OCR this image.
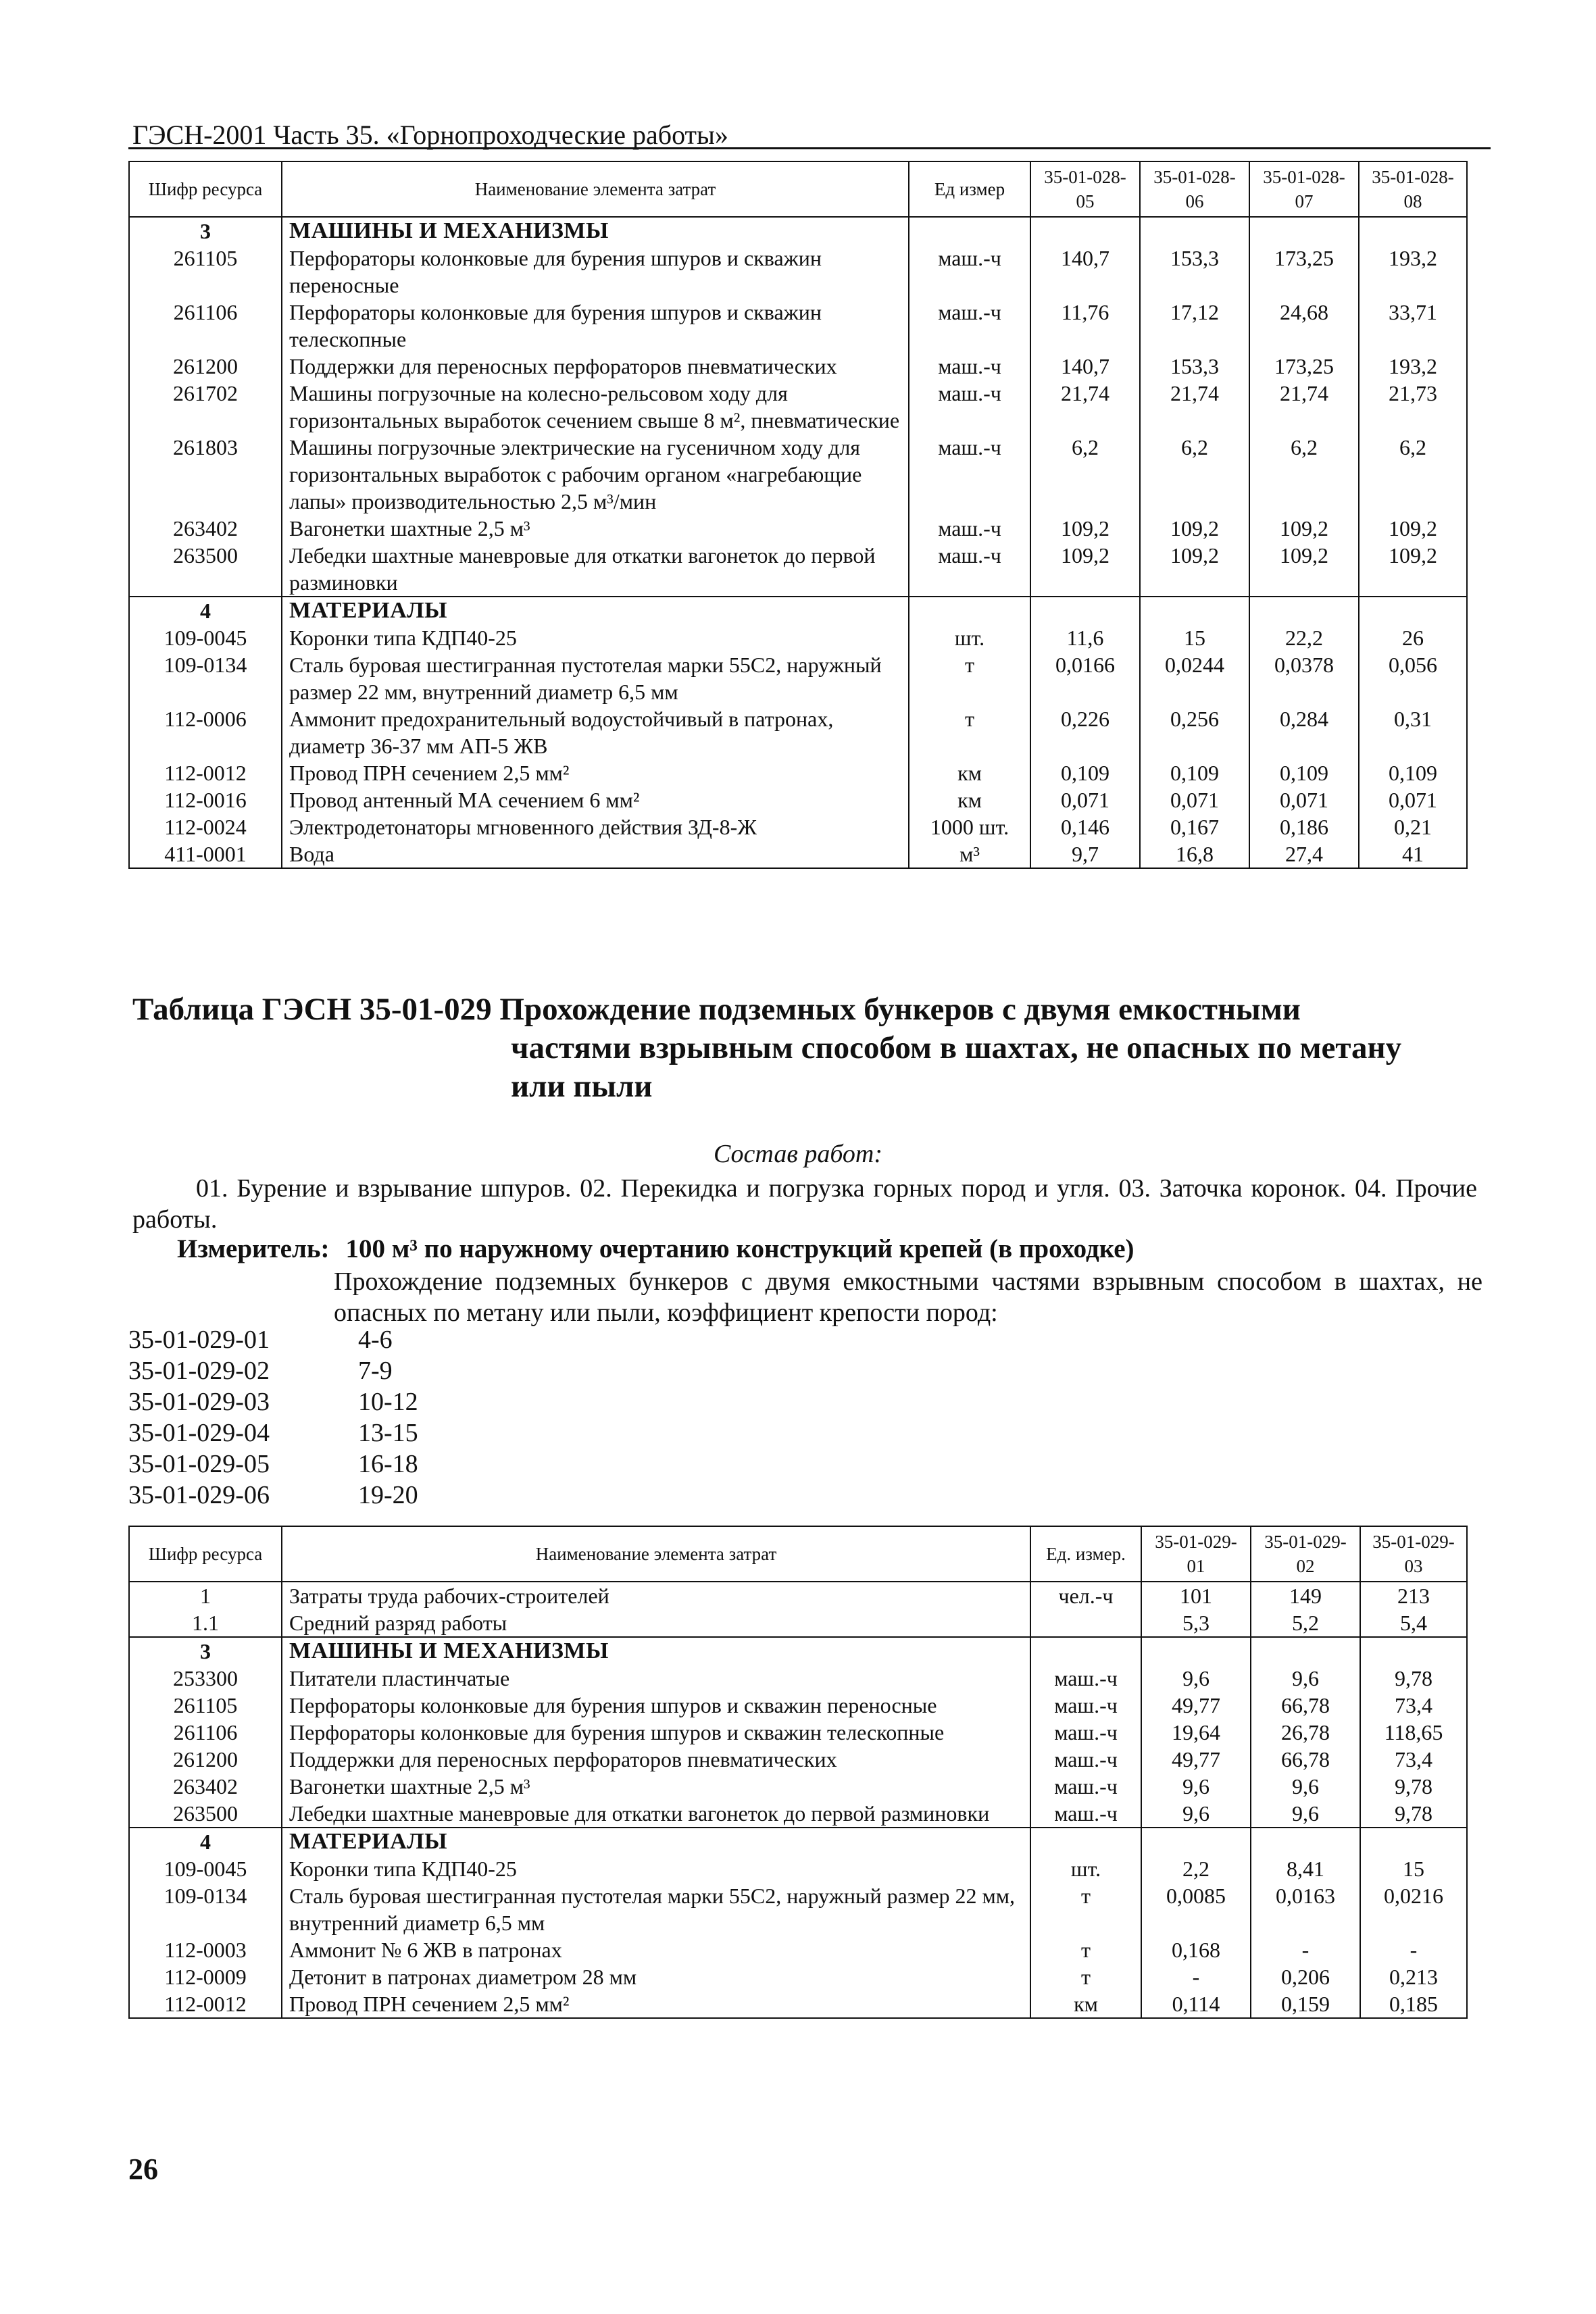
ГЭСН-2001 Часть 35. «Горнопроходческие работы»
Шифр ресурса	Наименование элемента затрат	Ед измер	35-01-028-05	35-01-028-06	35-01-028-07	35-01-028-08
3	МАШИНЫ И МЕХАНИЗМЫ					
261105	Перфораторы колонковые для бурения шпуров и скважин переносные	маш.-ч	140,7	153,3	173,25	193,2
261106	Перфораторы колонковые для бурения шпуров и скважин телескопные	маш.-ч	11,76	17,12	24,68	33,71
261200	Поддержки для переносных перфораторов пневматических	маш.-ч	140,7	153,3	173,25	193,2
261702	Машины погрузочные на колесно-рельсовом ходу для горизонтальных выработок сечением свыше 8 м², пневматические	маш.-ч	21,74	21,74	21,74	21,73
261803	Машины погрузочные электрические на гусеничном ходу для горизонтальных выработок с рабочим органом «нагребающие лапы» производительностью 2,5 м³/мин	маш.-ч	6,2	6,2	6,2	6,2
263402	Вагонетки шахтные 2,5 м³	маш.-ч	109,2	109,2	109,2	109,2
263500	Лебедки шахтные маневровые для откатки вагонеток до первой разминовки	маш.-ч	109,2	109,2	109,2	109,2
4	МАТЕРИАЛЫ					
109-0045	Коронки типа КДП40-25	шт.	11,6	15	22,2	26
109-0134	Сталь буровая шестигранная пустотелая марки 55С2, наружный размер 22 мм, внутренний диаметр 6,5 мм	т	0,0166	0,0244	0,0378	0,056
112-0006	Аммонит предохранительный водоустойчивый в патронах, диаметр 36-37 мм АП-5 ЖВ	т	0,226	0,256	0,284	0,31
112-0012	Провод ПРН сечением 2,5 мм²	км	0,109	0,109	0,109	0,109
112-0016	Провод антенный МА сечением 6 мм²	км	0,071	0,071	0,071	0,071
112-0024	Электродетонаторы мгновенного действия ЗД-8-Ж	1000 шт.	0,146	0,167	0,186	0,21
411-0001	Вода	м³	9,7	16,8	27,4	41
Таблица ГЭСН 35-01-029 Прохождение подземных бункеров с двумя емкостными
частями взрывным способом в шахтах, не опасных по метану
или пыли
Состав работ:
01. Бурение и взрывание шпуров. 02. Перекидка и погрузка горных пород и угля. 03. Заточка коронок. 04. Прочие работы.
Измеритель: 100 м³ по наружному очертанию конструкций крепей (в проходке)
Прохождение подземных бункеров с двумя емкостными частями взрывным способом в шахтах, не опасных по метану или пыли, коэффициент крепости пород:
35-01-029-01	4-6
35-01-029-02	7-9
35-01-029-03	10-12
35-01-029-04	13-15
35-01-029-05	16-18
35-01-029-06	19-20
Шифр ресурса	Наименование элемента затрат	Ед. измер.	35-01-029-01	35-01-029-02	35-01-029-03
1	Затраты труда рабочих-строителей	чел.-ч	101	149	213
1.1	Средний разряд работы		5,3	5,2	5,4
3	МАШИНЫ И МЕХАНИЗМЫ				
253300	Питатели пластинчатые	маш.-ч	9,6	9,6	9,78
261105	Перфораторы колонковые для бурения шпуров и скважин переносные	маш.-ч	49,77	66,78	73,4
261106	Перфораторы колонковые для бурения шпуров и скважин телескопные	маш.-ч	19,64	26,78	118,65
261200	Поддержки для переносных перфораторов пневматических	маш.-ч	49,77	66,78	73,4
263402	Вагонетки шахтные 2,5 м³	маш.-ч	9,6	9,6	9,78
263500	Лебедки шахтные маневровые для откатки вагонеток до первой разминовки	маш.-ч	9,6	9,6	9,78
4	МАТЕРИАЛЫ				
109-0045	Коронки типа КДП40-25	шт.	2,2	8,41	15
109-0134	Сталь буровая шестигранная пустотелая марки 55С2, наружный размер 22 мм, внутренний диаметр 6,5 мм	т	0,0085	0,0163	0,0216
112-0003	Аммонит № 6 ЖВ в патронах	т	0,168	-	-
112-0009	Детонит в патронах диаметром 28 мм	т	-	0,206	0,213
112-0012	Провод ПРН сечением 2,5 мм²	км	0,114	0,159	0,185
26
